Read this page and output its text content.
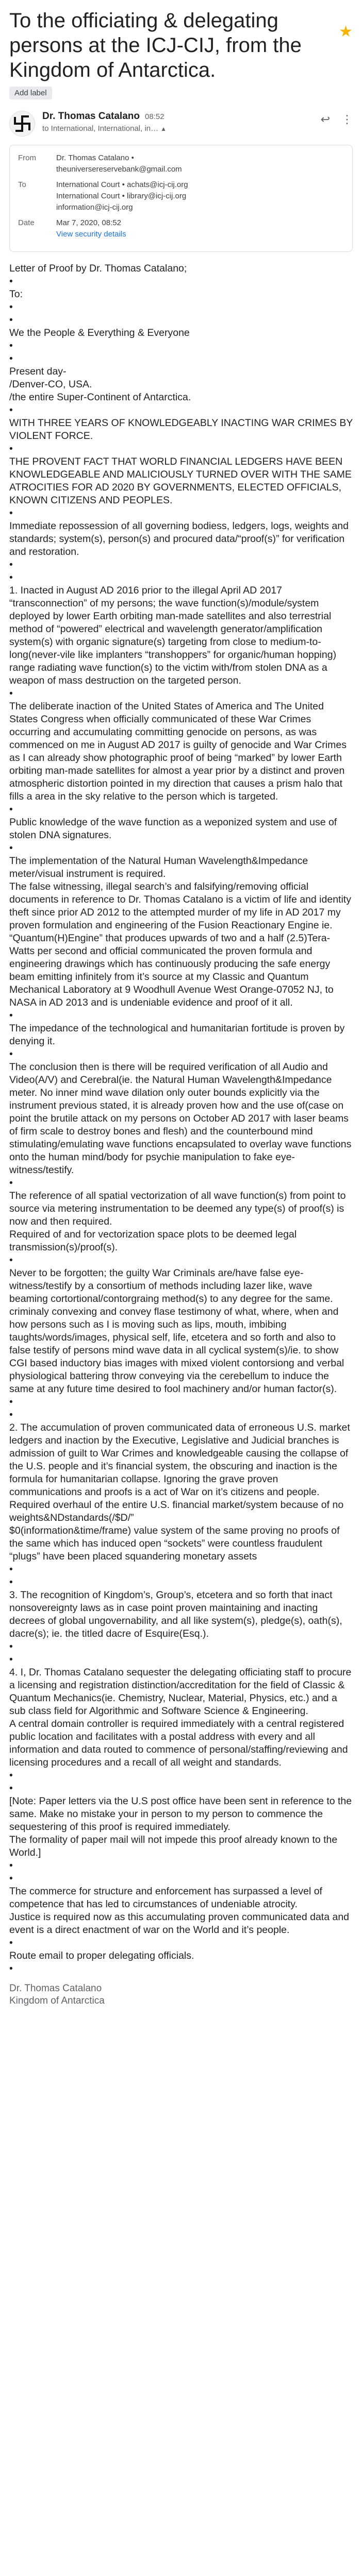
To the officiating & delegating persons at the ICJ-CIJ, from the Kingdom of Antarctica.
★
Add label
Dr. Thomas Catalano 08:52
to International, International, in… ▲
↩ ⋮
From	Dr. Thomas Catalano •
theuniversereserve​bank@gmail.com
To	International Court • achats@icj-cij.org
International Court • library@icj-cij.org
information@icj-cij.org
Date	Mar 7, 2020, 08:52
View security details

Letter of Proof by Dr. Thomas Catalano;
•
To:
•
•
We the People & Everything & Everyone
•
•
Present day-
/Denver-CO, USA.
/the entire Super-Continent of Antarctica.
•

WITH THREE YEARS OF KNOWLEDGEABLY INACTING WAR CRIMES BY VIOLENT FORCE.
•
THE PROVENT FACT THAT WORLD FINANCIAL LEDGERS HAVE BEEN KNOWLEDGEABLE AND MALICIOUSLY TURNED OVER WITH THE SAME ATROCITIES FOR AD 2020 BY GOVERNMENTS, ELECTED OFFICIALS, KNOWN CITIZENS AND PEOPLES.
•
Immediate repossession of all governing bodiess, ledgers, logs, weights and standards; system(s), person(s) and procured data/“proof(s)” for verification and restoration.
•
•

1. Inacted in August AD 2016 prior to the illegal April AD 2017 “transconnection” of my persons; the wave function(s)/module/system deployed by lower Earth orbiting man-made satellites and also terrestrial method of “powered” electrical and wavelength generator/amplification system(s) with organic signature(s) targeting from close to medium-to-long(never-vile like implanters “transhoppers” for organic/human hopping) range radiating wave function(s) to the victim with/from stolen DNA as a weapon of mass destruction on the targeted person.
•
The deliberate inaction of the United States of America and The United States Congress when officially communicated of these War Crimes occurring and accumulating committing genocide on persons, as was commenced on me in August AD 2017 is guilty of genocide and War Crimes as I can already show photographic proof of being “marked” by lower Earth orbiting man-made satellites for almost a year prior by a distinct and proven atmospheric distortion pointed in my direction that causes a prism halo that fills a area in the sky relative to the person which is targeted.
•
Public knowledge of the wave function as a weponized system and use of stolen DNA signatures.
•
The implementation of the Natural Human Wavelength&Impedance meter/visual instrument is required.
The false witnessing, illegal search’s and falsifying/removing official documents in reference to Dr. Thomas Catalano is a victim of life and identity theft since prior AD 2012 to the attempted murder of my life in AD 2017 my proven formulation and engineering of the Fusion Reactionary Engine ie. “Quantum(H)Engine” that produces upwards of two and a half (2.5)Tera-Watts per second and official communicated the proven formula and engineering drawings which has continuously producing the safe energy beam emitting infinitely from it’s source at my Classic and Quantum Mechanical Laboratory at 9 Woodhull Avenue West Orange-07052 NJ, to NASA in AD 2013 and is undeniable evidence and proof of it all.
•
The impedance of the technological and humanitarian fortitude is proven by denying it.
•
The conclusion then is there will be required verification of all Audio and Video(A/V) and Cerebral(ie. the Natural Human Wavelength&Impedance meter. No inner mind wave dilation only outer bounds explicitly via the instrument previous stated, it is already proven how and the use of(case on point the brutile attack on my persons on October AD 2017 with laser beams of firm scale to destroy bones and flesh) and the counterbound mind stimulating/emulating wave functions encapsulated to overlay wave functions onto the human mind/body for psychie manipulation to fake eye-witness/testify.
•
The reference of all spatial vectorization of all wave function(s) from point to source via metering instrumentation to be deemed any type(s) of proof(s) is now and then required.
Required of and for vectorization space plots to be deemed legal transmission(s)/proof(s).
•
Never to be forgotten; the guilty War Criminals are/have false eye-witness/testify by a consortium of methods including lazer like, wave beaming cortortional/contorgraing method(s) to any degree for the same.  criminaly convexing and convey flase testimony of what, where, when and how persons such as I is moving such as lips, mouth, imbibing taughts/words/images, physical self, life, etcetera and so forth and also to false testify of persons mind wave data in all cyclical system(s)/ie. to show CGI based inductory bias images with mixed violent contorsiong and verbal physiological battering throw conveying via the cerebellum to induce the same at any future time desired to fool machinery and/or human factor(s).
•
•

2. The accumulation of proven communicated data of erroneous U.S. market ledgers and inaction by the Executive, Legislative and Judicial branches is admission of guilt to War Crimes and knowledgeable causing the collapse of the U.S. people and it’s financial system, the obscuring and inaction is the formula for humanitarian collapse. Ignoring the grave proven communications and proofs is a act of War on it’s citizens and people.
Required overhaul of the entire U.S. financial market/system because of no weights&NDstandards(/$D/”
$0(information&time/frame) value system of the same proving no proofs of the same which has induced open “sockets” were countless fraudulent “plugs” have been placed squandering monetary assets
•
•

3. The recognition of Kingdom’s, Group’s, etcetera and so forth that inact nonsovereignty laws as in case point proven maintaining and inacting decrees of global ungovernability, and all like system(s), pledge(s), oath(s), dacre(s); ie. the titled dacre of Esquire(Esq.).
•
•

4. I, Dr. Thomas Catalano sequester the delegating officiating staff to procure a licensing and registration distinction/accreditation for the field of Classic & Quantum Mechanics(ie. Chemistry, Nuclear, Material, Physics, etc.) and a sub class field for Algorithmic and Software Science & Engineering.
A central domain controller is required immediately with a central registered public location and facilitates with a postal address with every and all information and data routed to commence of personal/staffing/reviewing and licensing procedures and a recall of all weight and standards.
•
•
[Note: Paper letters via the U.S post office have been sent in reference to the same. Make no mistake your in person to my person to commence the sequestering of this proof is required immediately.
The formality of paper mail will not impede this proof already known to the World.]
•
•
The commerce for structure and enforcement has surpassed a level of competence that has led to circumstances of undeniable atrocity.
Justice is required now as this accumulating proven communicated data and event is a direct enactment of war on the World and it’s people.
•
Route email to proper delegating officials.
•

Dr. Thomas Catalano
Kingdom of Antarctica
